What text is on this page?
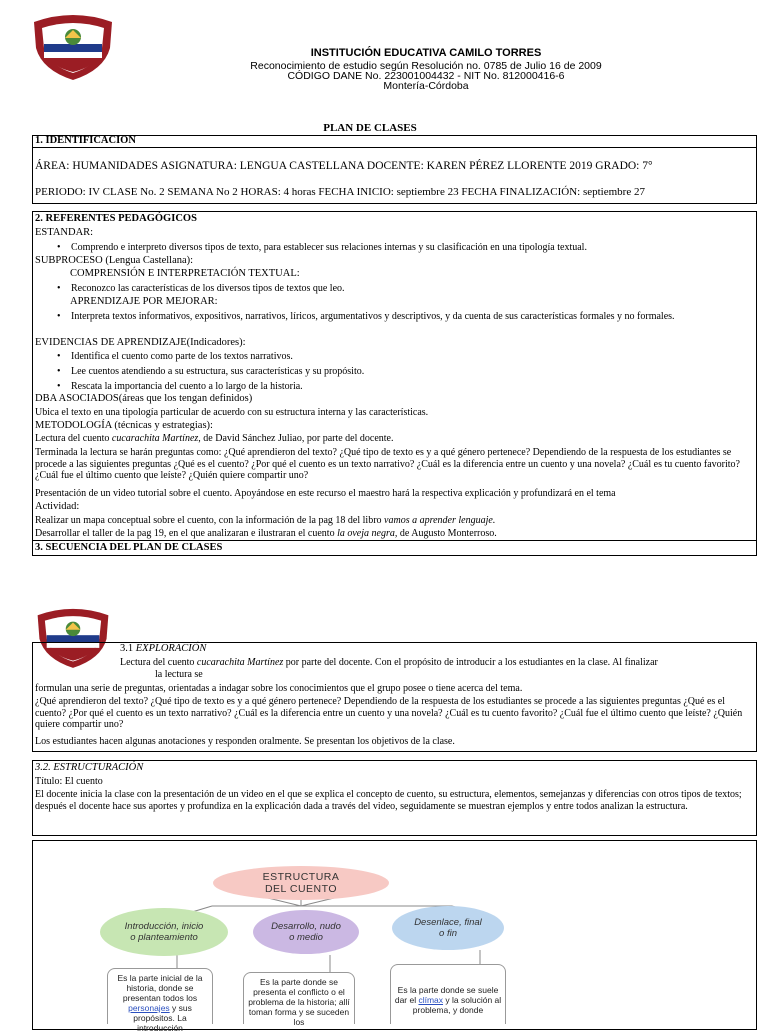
INSTITUCIÓN EDUCATIVA CAMILO TORRES
Reconocimiento de estudio según Resolución no. 0785 de Julio 16 de 2009
CÓDIGO DANE No. 223001004432 - NIT No. 812000416-6
Montería-Córdoba
PLAN DE CLASES
1. IDENTIFICACION
ÁREA: HUMANIDADES ASIGNATURA: LENGUA CASTELLANA DOCENTE: KAREN PÉREZ LLORENTE 2019 GRADO: 7°
PERIODO: IV CLASE No. 2 SEMANA No 2 HORAS: 4 horas FECHA INICIO: septiembre 23 FECHA FINALIZACIÓN: septiembre 27
2. REFERENTES PEDAGÓGICOS
ESTANDAR:
• Comprendo e interpreto diversos tipos de texto, para establecer sus relaciones internas y su clasificación en una tipología textual.
SUBPROCESO (Lengua Castellana):
COMPRENSIÓN E INTERPRETACIÓN TEXTUAL:
• Reconozco las características de los diversos tipos de textos que leo.
APRENDIZAJE POR MEJORAR:
• Interpreta textos informativos, expositivos, narrativos, líricos, argumentativos y descriptivos, y da cuenta de sus características formales y no formales.
EVIDENCIAS DE APRENDIZAJE(Indicadores):
• Identifica el cuento como parte de los textos narrativos.
• Lee cuentos atendiendo a su estructura, sus características y su propósito.
• Rescata la importancia del cuento a lo largo de la historia.
DBA ASOCIADOS(áreas que los tengan definidos)
Ubica el texto en una tipología particular de acuerdo con su estructura interna y las características.
METODOLOGÍA (técnicas y estrategias):
Lectura del cuento cucarachita Martínez, de David Sánchez Juliao, por parte del docente.
Terminada la lectura se harán preguntas como: ¿Qué aprendieron del texto? ¿Qué tipo de texto es y a qué género pertenece? Dependiendo de la respuesta de los estudiantes se procede a las siguientes preguntas ¿Qué es el cuento? ¿Por qué el cuento es un texto narrativo? ¿Cuál es la diferencia entre un cuento y una novela? ¿Cuál es tu cuento favorito? ¿Cuál fue el último cuento que leíste? ¿Quién quiere compartir uno?
Presentación de un video tutorial sobre el cuento. Apoyándose en este recurso el maestro hará la respectiva explicación y profundizará en el tema
Actividad:
Realizar un mapa conceptual sobre el cuento, con la información de la pag 18 del libro vamos a aprender lenguaje.
Desarrollar el taller de la pag 19, en el que analizaran e ilustraran el cuento la oveja negra, de Augusto Monterroso.
3. SECUENCIA DEL PLAN DE CLASES
3.1 EXPLORACIÓN
Lectura del cuento cucarachita Martínez por parte del docente. Con el propósito de introducir a los estudiantes en la clase. Al finalizar
la lectura se
formulan una serie de preguntas, orientadas a indagar sobre los conocimientos que el grupo posee o tiene acerca del tema.
¿Qué aprendieron del texto? ¿Qué tipo de texto es y a qué género pertenece? Dependiendo de la respuesta de los estudiantes se procede a las siguientes preguntas ¿Qué es el cuento? ¿Por qué el cuento es un texto narrativo? ¿Cuál es la diferencia entre un cuento y una novela? ¿Cuál es tu cuento favorito? ¿Cuál fue el último cuento que leíste? ¿Quién quiere compartir uno?
Los estudiantes hacen algunas anotaciones y responden oralmente. Se presentan los objetivos de la clase.
3.2. ESTRUCTURACIÓN
Título: El cuento
El docente inicia la clase con la presentación de un video en el que se explica el concepto de cuento, su estructura, elementos, semejanzas y diferencias con otros tipos de textos; después el docente hace sus aportes y profundiza en la explicación dada a través del video, seguidamente se muestran ejemplos y entre todos analizan la estructura.
ESTRUCTURA DEL CUENTO
Introducción, inicio o planteamiento
Desarrollo, nudo o medio
Desenlace, final o fin
Es la parte inicial de la historia, donde se presentan todos los personajes y sus propósitos. La introducción
Es la parte donde se presenta el conflicto o el problema de la historia; allí toman forma y se suceden los
Es la parte donde se suele dar el clímax y la solución al problema, y donde
